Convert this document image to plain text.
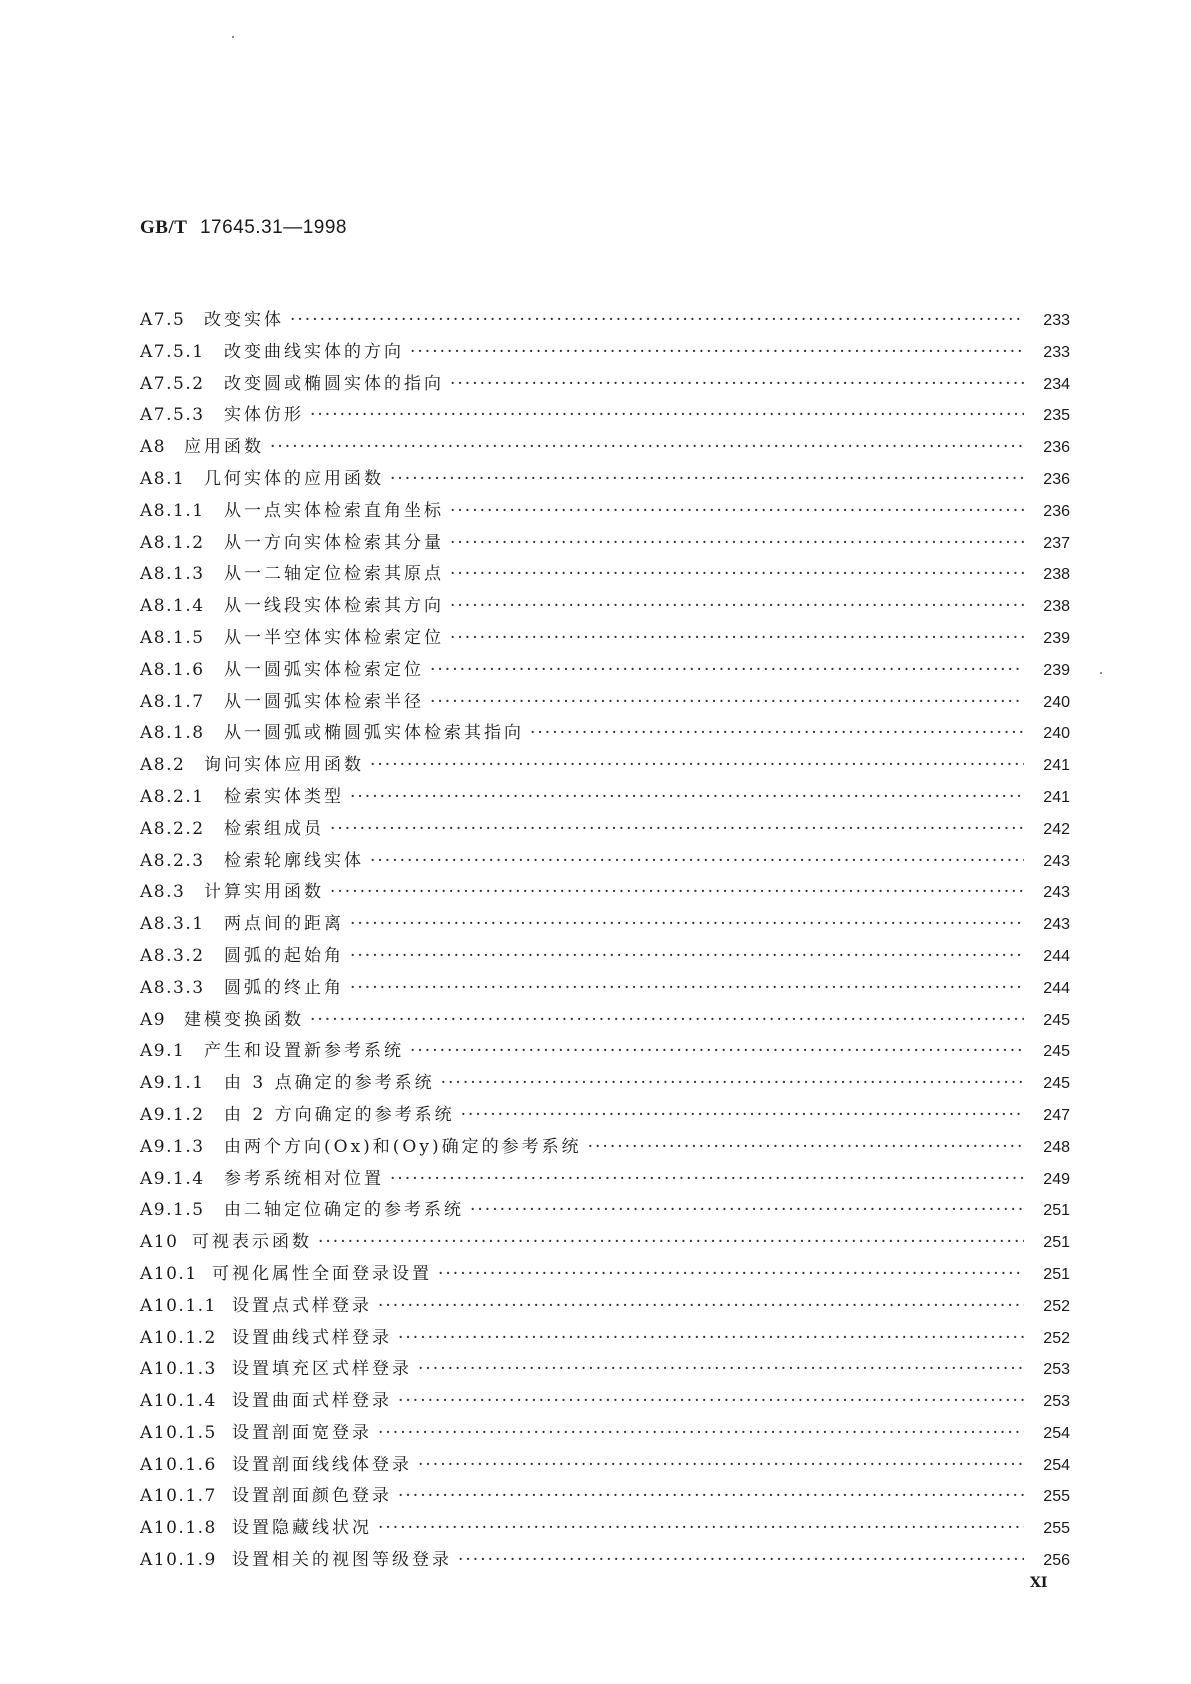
GB/T 17645.31—1998
A7.5	改变实体 ·····	233
A7.5.1	改变曲线实体的方向 ·····	233
A7.5.2	改变圆或椭圆实体的指向 ·····	234
A7.5.3	实体仿形 ·····	235
A8	应用函数 ·····	236
A8.1	几何实体的应用函数 ·····	236
A8.1.1	从一点实体检索直角坐标 ·····	236
A8.1.2	从一方向实体检索其分量 ·····	237
A8.1.3	从一二轴定位检索其原点 ·····	238
A8.1.4	从一线段实体检索其方向 ·····	238
A8.1.5	从一半空体实体检索定位 ·····	239
A8.1.6	从一圆弧实体检索定位 ·····	239
A8.1.7	从一圆弧实体检索半径 ·····	240
A8.1.8	从一圆弧或椭圆弧实体检索其指向 ·····	240
A8.2	询问实体应用函数 ·····	241
A8.2.1	检索实体类型 ·····	241
A8.2.2	检索组成员 ·····	242
A8.2.3	检索轮廓线实体 ·····	243
A8.3	计算实用函数 ·····	243
A8.3.1	两点间的距离 ·····	243
A8.3.2	圆弧的起始角 ·····	244
A8.3.3	圆弧的终止角 ·····	244
A9	建模变换函数 ·····	245
A9.1	产生和设置新参考系统 ·····	245
A9.1.1	由 3 点确定的参考系统 ·····	245
A9.1.2	由 2 方向确定的参考系统 ·····	247
A9.1.3	由两个方向(Ox)和(Oy)确定的参考系统 ·····	248
A9.1.4	参考系统相对位置 ·····	249
A9.1.5	由二轴定位确定的参考系统 ·····	251
A10 可视表示函数 ·····	251
A10.1 可视化属性全面登录设置 ·····	251
A10.1.1 设置点式样登录 ·····	252
A10.1.2 设置曲线式样登录 ·····	252
A10.1.3 设置填充区式样登录 ·····	253
A10.1.4 设置曲面式样登录 ·····	253
A10.1.5 设置剖面宽登录 ·····	254
A10.1.6 设置剖面线线体登录 ·····	254
A10.1.7 设置剖面颜色登录 ·····	255
A10.1.8 设置隐藏线状况 ·····	255
A10.1.9 设置相关的视图等级登录 ·····	256
XI
